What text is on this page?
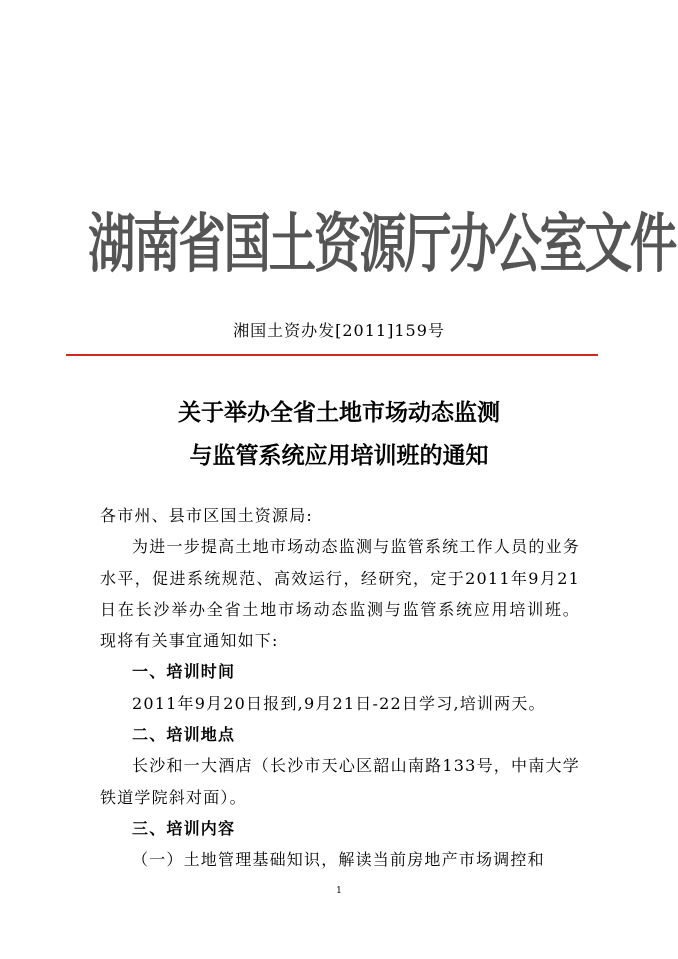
湖南省国土资源厅办公室文件
湘国土资办发[2011]159号
关于举办全省土地市场动态监测
与监管系统应用培训班的通知

各市州、县市区国土资源局:

为进一步提高土地市场动态监测与监管系统工作人员的业务水平，促进系统规范、高效运行，经研究，定于2011年9月21日在长沙举办全省土地市场动态监测与监管系统应用培训班。现将有关事宜通知如下:

一、培训时间

2011年9月20日报到,9月21日-22日学习,培训两天。

二、培训地点

长沙和一大酒店（长沙市天心区韶山南路133号，中南大学铁道学院斜对面）。

三、培训内容

（一）土地管理基础知识，解读当前房地产市场调控和

1
